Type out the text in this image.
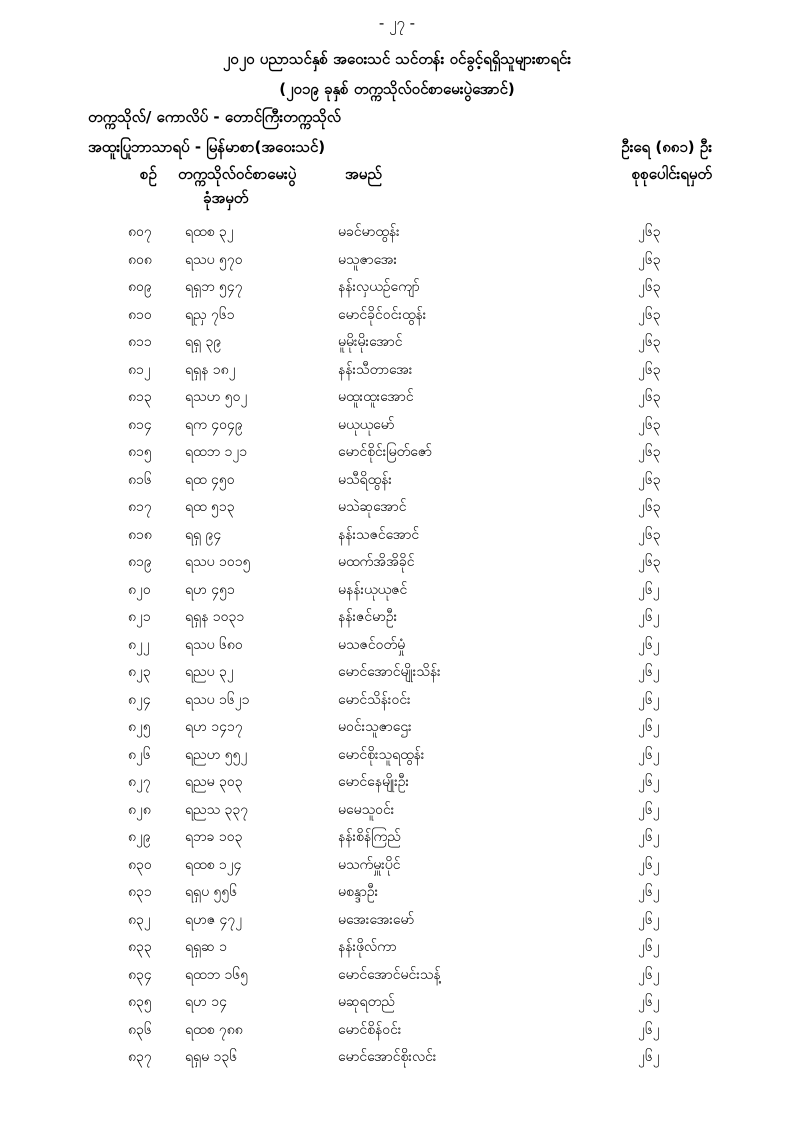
- ၂၇ -
၂၀၂၀ ပညာသင်နှစ် အဝေးသင် သင်တန်း ဝင်ခွင့်ရရှိသူများစာရင်း
(၂၀၁၉ ခုနှစ် တက္ကသိုလ်ဝင်စာမေးပွဲအောင်)
တက္ကသိုလ်/ ကောလိပ် - ‌တောင်ကြီးတက္ကသိုလ်
အထူးပြုဘာသာရပ် - မြန်မာစာ(အဝေးသင်)	ဦးရေ (၈၈၁) ဦး
စဉ် တက္ကသိုလ်ဝင်စာမေးပွဲ
ခုံအမှတ်
အမည်	စုစုပေါင်းရမှတ်
၈၀၇ ရထစ ၃၂	မခင်မာထွန်း	၂၆၃
၈၀၈ ရသပ ၅၇၀	မသူဇာအေး	၂၆၃
၈၀၉ ရရှဘ ၅၄၇	နန်းလှယဉ်ကျော်	၂၆၃
၈၁၀ ရညှ ၇၆၁	မောင်ခိုင်ဝင်းထွန်း	၂၆၃
၈၁၁ ရရှ ၃၉	မူမိုးမိုးအောင်	၂၆၃
၈၁၂ ရရှန ၁၈၂	နန်းသီတာအေး	၂၆၃
၈၁၃ ရသဟ ၅၀၂	မထူးထူးအောင်	၂၆၃
၈၁၄ ရက ၄၀၄၉	မယုယုမော်	၂၆၃
၈၁၅ ရထဘ ၁၂၁	မောင်စိုင်းမြတ်ဇော်	၂၆၃
၈၁၆ ရထ ၄၅၀	မသီရိထွန်း	၂၆၃
၈၁၇ ရထ ၅၁၃	မသဲဆုအောင်	၂၆၃
၈၁၈ ရရှ ၉၄	နန်းသဇင်အောင်	၂၆၃
၈၁၉ ရသပ ၁၀၁၅	မထက်အိအိခိုင်	၂၆၃
၈၂၀ ရဟ ၄၅၁	မနန်းယုယုဇင်	၂၆၂
၈၂၁ ရရှန ၁၀၃၁	နန်းဇင်မာဦး	၂၆၂
၈၂၂	ရသပ ၆၈၀	မသဇင်ဝတ်မှုံ	၂၆၂
၈၂၃ ရညပ ၃၂	မောင်အောင်မျိုးသိန်း	၂၆၂
၈၂၄ ရသပ ၁၆၂၁	မောင်သိန်းဝင်း	၂၆၂
၈၂၅ ရဟ ၁၄၁၇	မဝင်းသူဇာဌေး	၂၆၂
၈၂၆ ရညဟ ၅၅၂	မောင်စိုးသူရထွန်း	၂၆၂
၈၂၇ ရညမ ၃၀၃	မောင်နေမျိုးဦး	၂၆၂
၈၂၈ ရညသ ၃၃၇	မမေသူဝင်း	၂၆၂
၈၂၉ ရဘခ ၁၀၃	နန်းစိန်ကြည်	၂၆၂
၈၃၀ ရထစ ၁၂၄	မသက်မှူးပိုင်	၂၆၂
၈၃၁ ရရှပ ၅၅၆	မစန္ဒာဦး	၂၆၂
၈၃၂ ရဟဇ ၄၇၂	မအေးအေးမော်	၂၆၂
၈၃၃ ရရှဆ ၁	နန်းဖိုလ်ကာ	၂၆၂
၈၃၄ ရထဘ ၁၆၅	မောင်အောင်မင်းသန့်	၂၆၂
၈၃၅ ရဟ ၁၄	မဆုရတည်	၂၆၂
၈၃၆ ရထစ ၇၈၈	မောင်စိန်ဝင်း	၂၆၂
၈၃၇ ရရှမ ၁၃၆	မောင်အောင်စိုးလင်း	၂၆၂
